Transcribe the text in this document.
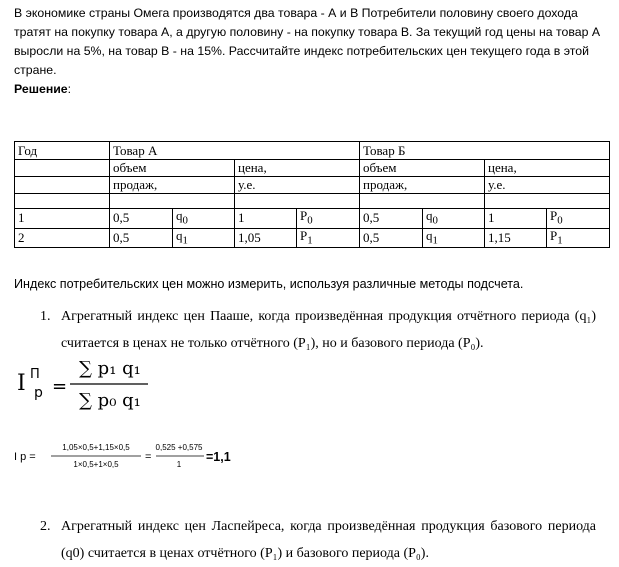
В экономике страны Омега производятся два товара - А и В Потребители половину своего дохода тратят на покупку товара А, а другую половину - на покупку товара В. За текущий год цены на товар А выросли на 5%, на товар В - на 15%. Рассчитайте индекс потребительских цен текущего года в этой стране.
Решение:
Год	Товар А				Товар Б			
	объем		цена,		объем		цена,	
	продаж,		у.е.		продаж,		у.е.	

1	0,5	$q_0$	1	$P_0$	0,5	$q_0$	1	$P_0$
2	0,5	$q_1$	1,05	$P_1$	0,5	$q_1$	1,15	$P_1$
Индекс потребительских цен можно измерить, используя различные методы подсчета.
1. Агрегатный индекс цен Пааше, когда произведённая продукция отчётного периода (q₁) считается в ценах не только отчётного (P₁), но и базового периода (P₀).
I П
р =
∑ p₁ q₁
∑ p₀ q₁
I р =
1,05×0,5+1,15×0,5
1×0,5+1×0,5
=
0,525 +0,575
1
=1,1
2. Агрегатный индекс цен Ласпейреса, когда произведённая продукция базового периода (q0) считается в ценах отчётного (P₁) и базового периода (P₀).
